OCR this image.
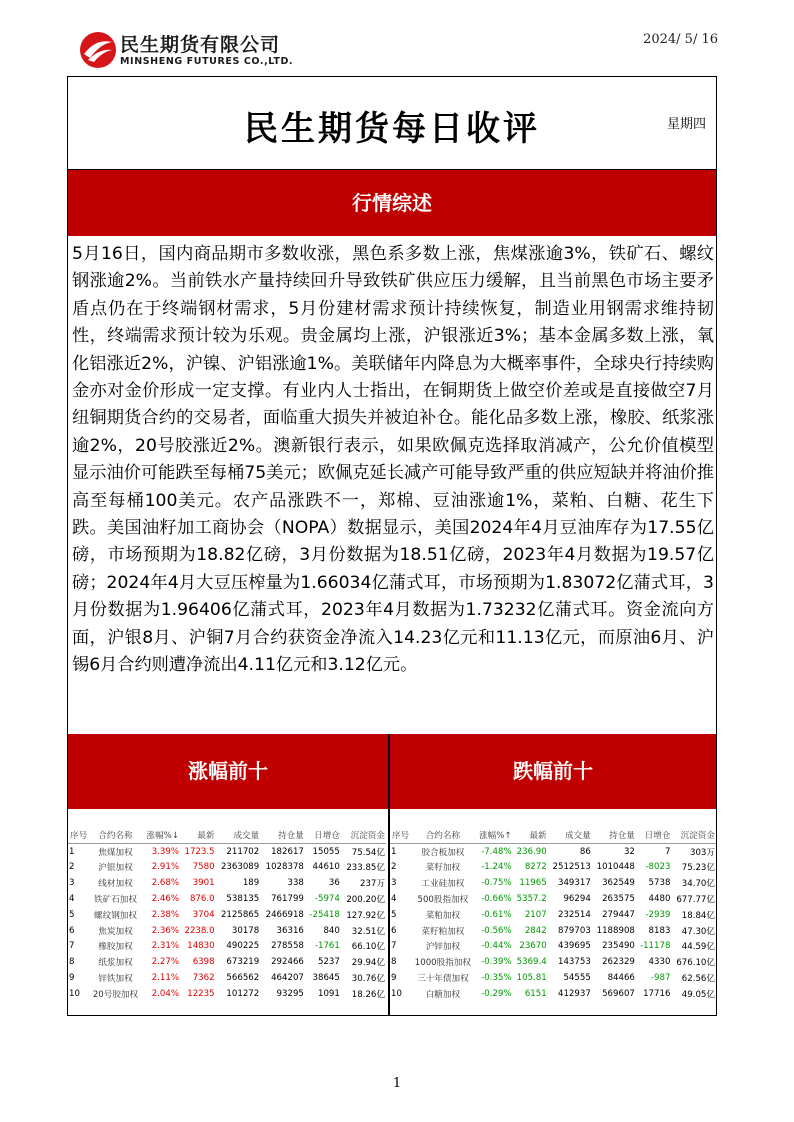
民生期货有限公司
MINSHENG FUTURES CO.,LTD.
2024/ 5/ 16
民生期货每日收评	星期四
行情综述
5月16日，国内商品期市多数收涨，黑色系多数上涨，焦煤涨逾3%，铁矿石、螺纹钢涨逾2%。当前铁水产量持续回升导致铁矿供应压力缓解，且当前黑色市场主要矛盾点仍在于终端钢材需求，5月份建材需求预计持续恢复，制造业用钢需求维持韧性，终端需求预计较为乐观。贵金属均上涨，沪银涨近3%；基本金属多数上涨，氧化铝涨近2%，沪镍、沪铝涨逾1%。美联储年内降息为大概率事件，全球央行持续购金亦对金价形成一定支撑。有业内人士指出，在铜期货上做空价差或是直接做空7月纽铜期货合约的交易者，面临重大损失并被迫补仓。能化品多数上涨，橡胶、纸浆涨逾2%，20号胶涨近2%。澳新银行表示，如果欧佩克选择取消减产，公允价值模型显示油价可能跌至每桶75美元；欧佩克延长减产可能导致严重的供应短缺并将油价推高至每桶100美元。农产品涨跌不一，郑棉、豆油涨逾1%，菜粕、白糖、花生下跌。美国油籽加工商协会（NOPA）数据显示，美国2024年4月豆油库存为17.55亿磅，市场预期为18.82亿磅，3月份数据为18.51亿磅，2023年4月数据为19.57亿磅；2024年4月大豆压榨量为1.66034亿蒲式耳，市场预期为1.83072亿蒲式耳，3月份数据为1.96406亿蒲式耳，2023年4月数据为1.73232亿蒲式耳。资金流向方面，沪银8月、沪铜7月合约获资金净流入14.23亿元和11.13亿元，而原油6月、沪锡6月合约则遭净流出4.11亿元和3.12亿元。
涨幅前十	跌幅前十
序号	合约名称	涨幅%↓	最新	成交量	持仓量	日增仓	沉淀资金
1	焦煤加权	3.39%	1723.5	211702	182617	15055	75.54亿
2	沪银加权	2.91%	7580	2363089	1028378	44610	233.85亿
3	线材加权	2.68%	3901	189	338	36	237万
4	铁矿石加权	2.46%	876.0	538135	761799	-5974	200.20亿
5	螺纹钢加权	2.38%	3704	2125865	2466918	-25418	127.92亿
6	焦炭加权	2.36%	2238.0	30178	36316	840	32.51亿
7	橡胶加权	2.31%	14830	490225	278558	-1761	66.10亿
8	纸浆加权	2.27%	6398	673219	292466	5237	29.94亿
9	锌铁加权	2.11%	7362	566562	464207	38645	30.76亿
10	20号胶加权	2.04%	12235	101272	93295	1091	18.26亿
序号	合约名称	涨幅%↑	最新	成交量	持仓量	日增仓	沉淀资金
1	胶合板加权	-7.48%	236.90	86	32	7	303万
2	菜籽加权	-1.24%	8272	2512513	1010448	-8023	75.23亿
3	工业硅加权	-0.75%	11965	349317	362549	5738	34.70亿
4	500股指加权	-0.66%	5357.2	96294	263575	4480	677.77亿
5	菜粕加权	-0.61%	2107	232514	279447	-2939	18.84亿
6	菜籽粕加权	-0.56%	2842	879703	1188908	8183	47.30亿
7	沪锌加权	-0.44%	23670	439695	235490	-11178	44.59亿
8	1000股指加权	-0.39%	5369.4	143753	262329	4330	676.10亿
9	三十年债加权	-0.35%	105.81	54555	84466	-987	62.56亿
10	白糖加权	-0.29%	6151	412937	569607	17716	49.05亿
1
